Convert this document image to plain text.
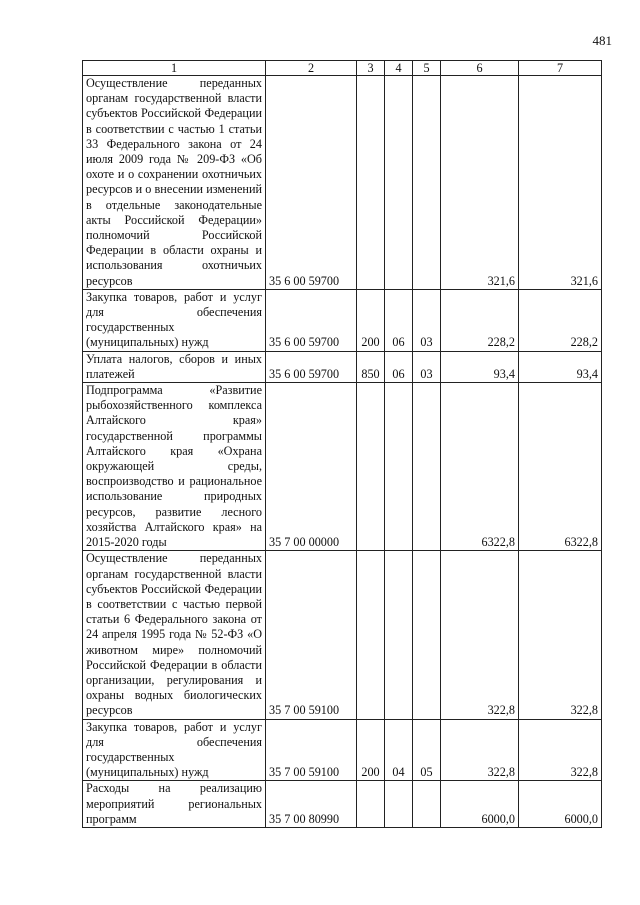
481
1	2	3	4	5	6	7
Осуществление переданных органам государственной власти субъектов Российской Федерации в соответствии с частью 1 статьи 33 Федерального закона от 24 июля 2009 года № 209-ФЗ «Об охоте и о сохранении охотничьих ресурсов и о внесении изменений в отдельные законодательные акты Российской Федерации» полномочий Российской Федерации в области охраны и использования охотничьих ресурсов	35 6 00 59700				321,6	321,6
Закупка товаров, работ и услуг для обеспечения государственных (муниципальных) нужд	35 6 00 59700	200	06	03	228,2	228,2
Уплата налогов, сборов и иных платежей	35 6 00 59700	850	06	03	93,4	93,4
Подпрограмма «Развитие рыбохозяйственного комплекса Алтайского края» государственной программы Алтайского края «Охрана окружающей среды, воспроизводство и рациональное использование природных ресурсов, развитие лесного хозяйства Алтайского края» на 2015-2020 годы	35 7 00 00000				6322,8	6322,8
Осуществление переданных органам государственной власти субъектов Российской Федерации в соответствии с частью первой статьи 6 Федерального закона от 24 апреля 1995 года № 52-ФЗ «О животном мире» полномочий Российской Федерации в области организации, регулирования и охраны водных биологических ресурсов	35 7 00 59100				322,8	322,8
Закупка товаров, работ и услуг для обеспечения государственных (муниципальных) нужд	35 7 00 59100	200	04	05	322,8	322,8
Расходы на реализацию мероприятий региональных программ	35 7 00 80990				6000,0	6000,0
